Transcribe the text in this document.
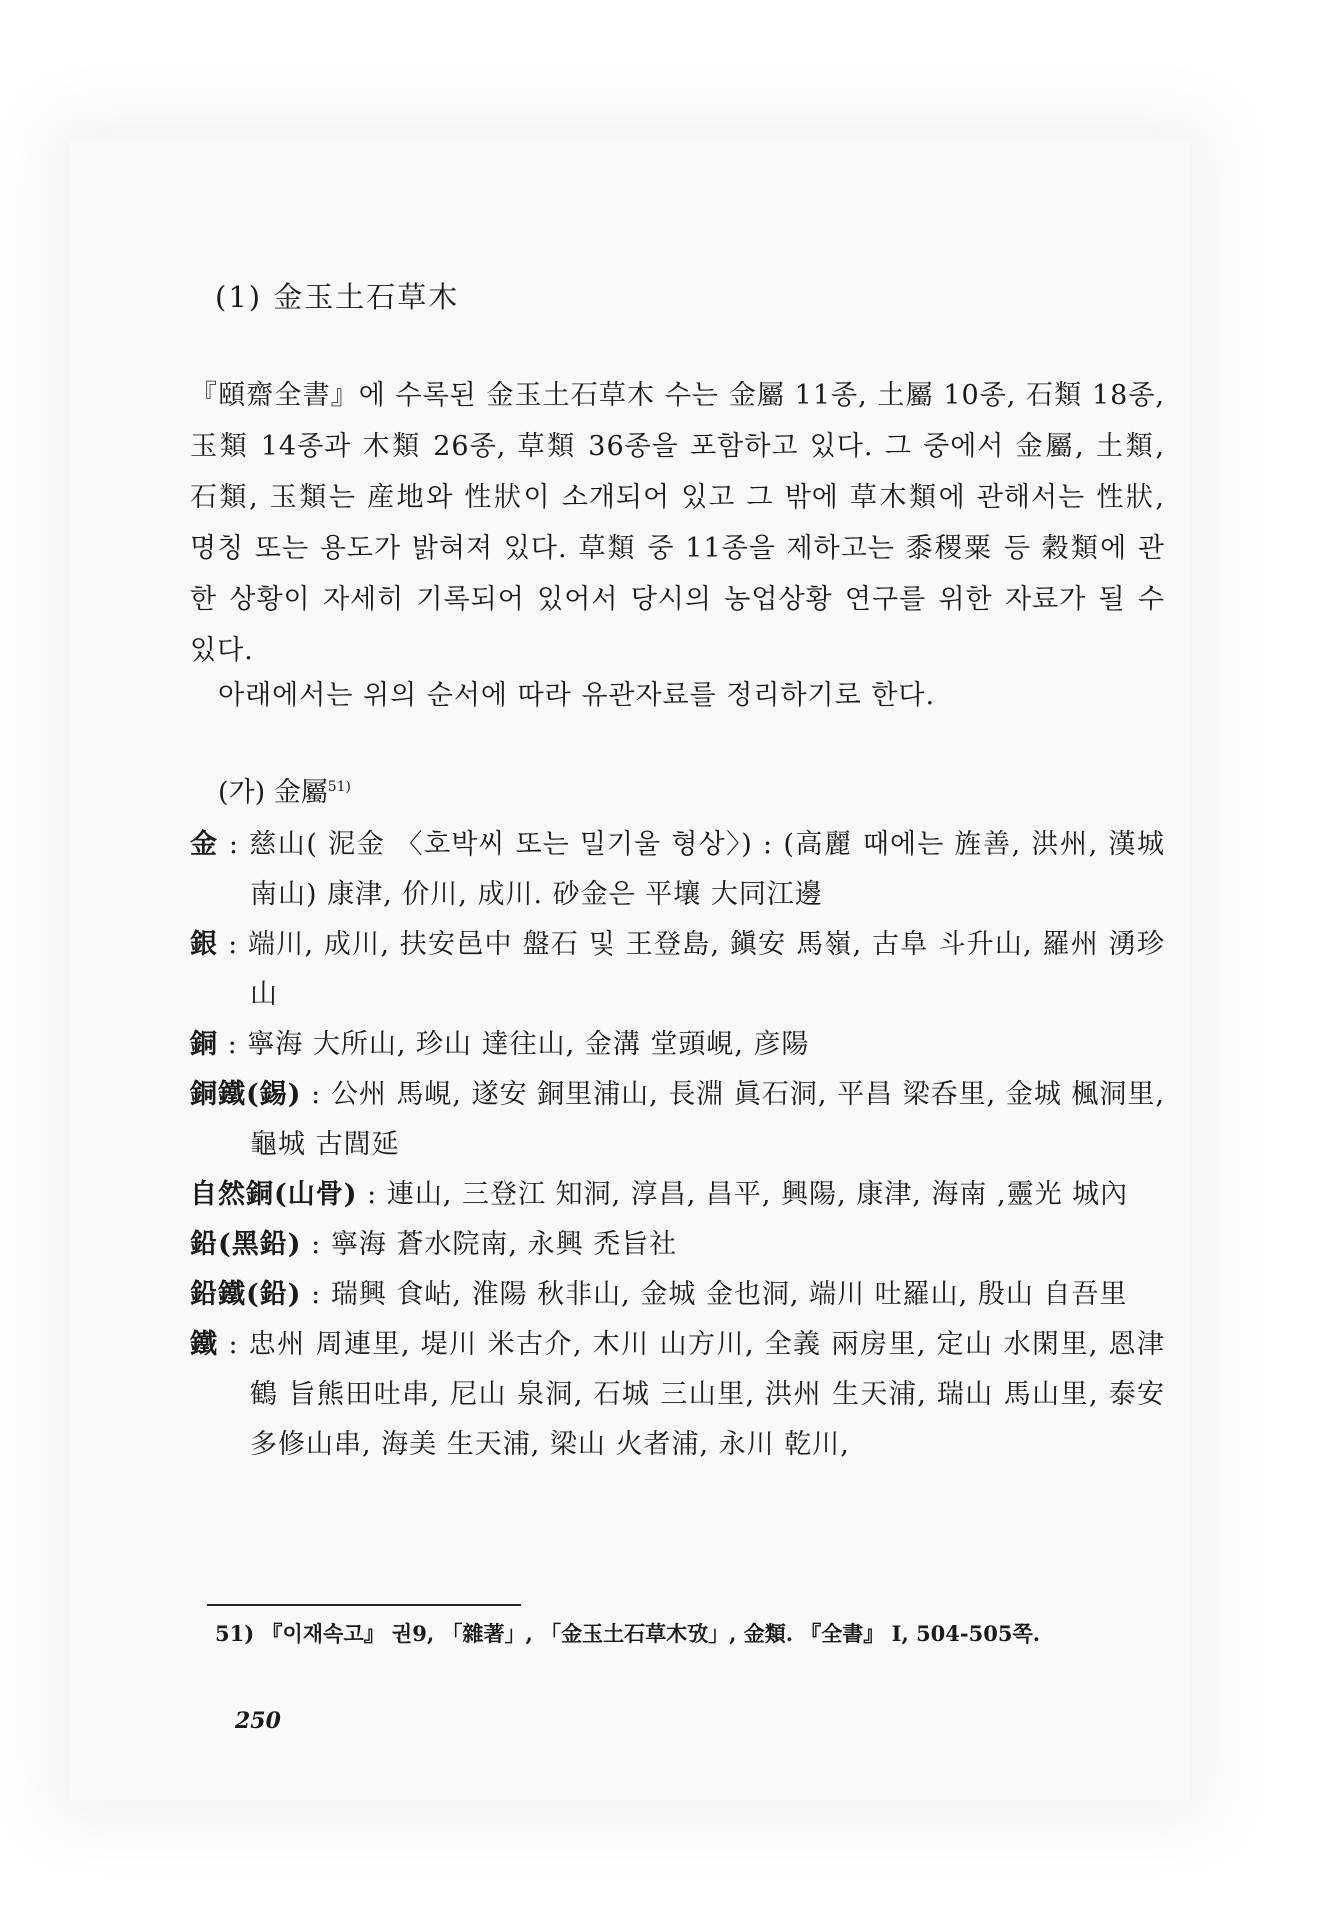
(1) 金玉土石草木

『頤齋全書』에 수록된 金玉土石草木 수는 金屬 11종, 土屬 10종, 石類 18종, 玉類 14종과 木類 26종, 草類 36종을 포함하고 있다. 그 중에서 金屬, 土類, 石類, 玉類는 産地와 性狀이 소개되어 있고 그 밖에 草木類에 관해서는 性狀, 명칭 또는 용도가 밝혀져 있다. 草類 중 11종을 제하고는 黍稷粟 등 穀類에 관한 상황이 자세히 기록되어 있어서 당시의 농업상황 연구를 위한 자료가 될 수 있다.

아래에서는 위의 순서에 따라 유관자료를 정리하기로 한다.

(가) 金屬$^{51)}$
金 : 慈山( 泥金 〈호박씨 또는 밀기울 형상〉) : (高麗 때에는 旌善, 洪州, 漢城南山) 康津, 价川, 成川. 砂金은 平壤 大同江邊
銀 : 端川, 成川, 扶安邑中 盤石 및 王登島, 鎭安 馬嶺, 古阜 斗升山, 羅州 湧珍山
銅 : 寧海 大所山, 珍山 達往山, 金溝 堂頭峴, 彦陽
銅鐵(錫) : 公州 馬峴, 遂安 銅里浦山, 長淵 眞石洞, 平昌 梁呑里, 金城 楓洞里, 龜城 古閭延
自然銅(山骨) : 連山, 三登江 知洞, 淳昌, 昌平, 興陽, 康津, 海南 ,靈光 城內
鉛(黑鉛) : 寧海 蒼水院南, 永興 禿旨社
鉛鐵(鉛) : 瑞興 食岾, 淮陽 秋非山, 金城 金也洞, 端川 吐羅山, 殷山 自吾里
鐵 : 忠州 周連里, 堤川 米古介, 木川 山方川, 全義 兩房里, 定山 水閑里, 恩津鶴 旨熊田吐串, 尼山 泉洞, 石城 三山里, 洪州 生天浦, 瑞山 馬山里, 泰安 多修山串, 海美 生天浦, 梁山 火者浦, 永川 乾川,
51) 『이재속고』 권9, 「雜著」, 「金玉土石草木攷」, 金類. 『全書』 I, 504-505쪽.
250
